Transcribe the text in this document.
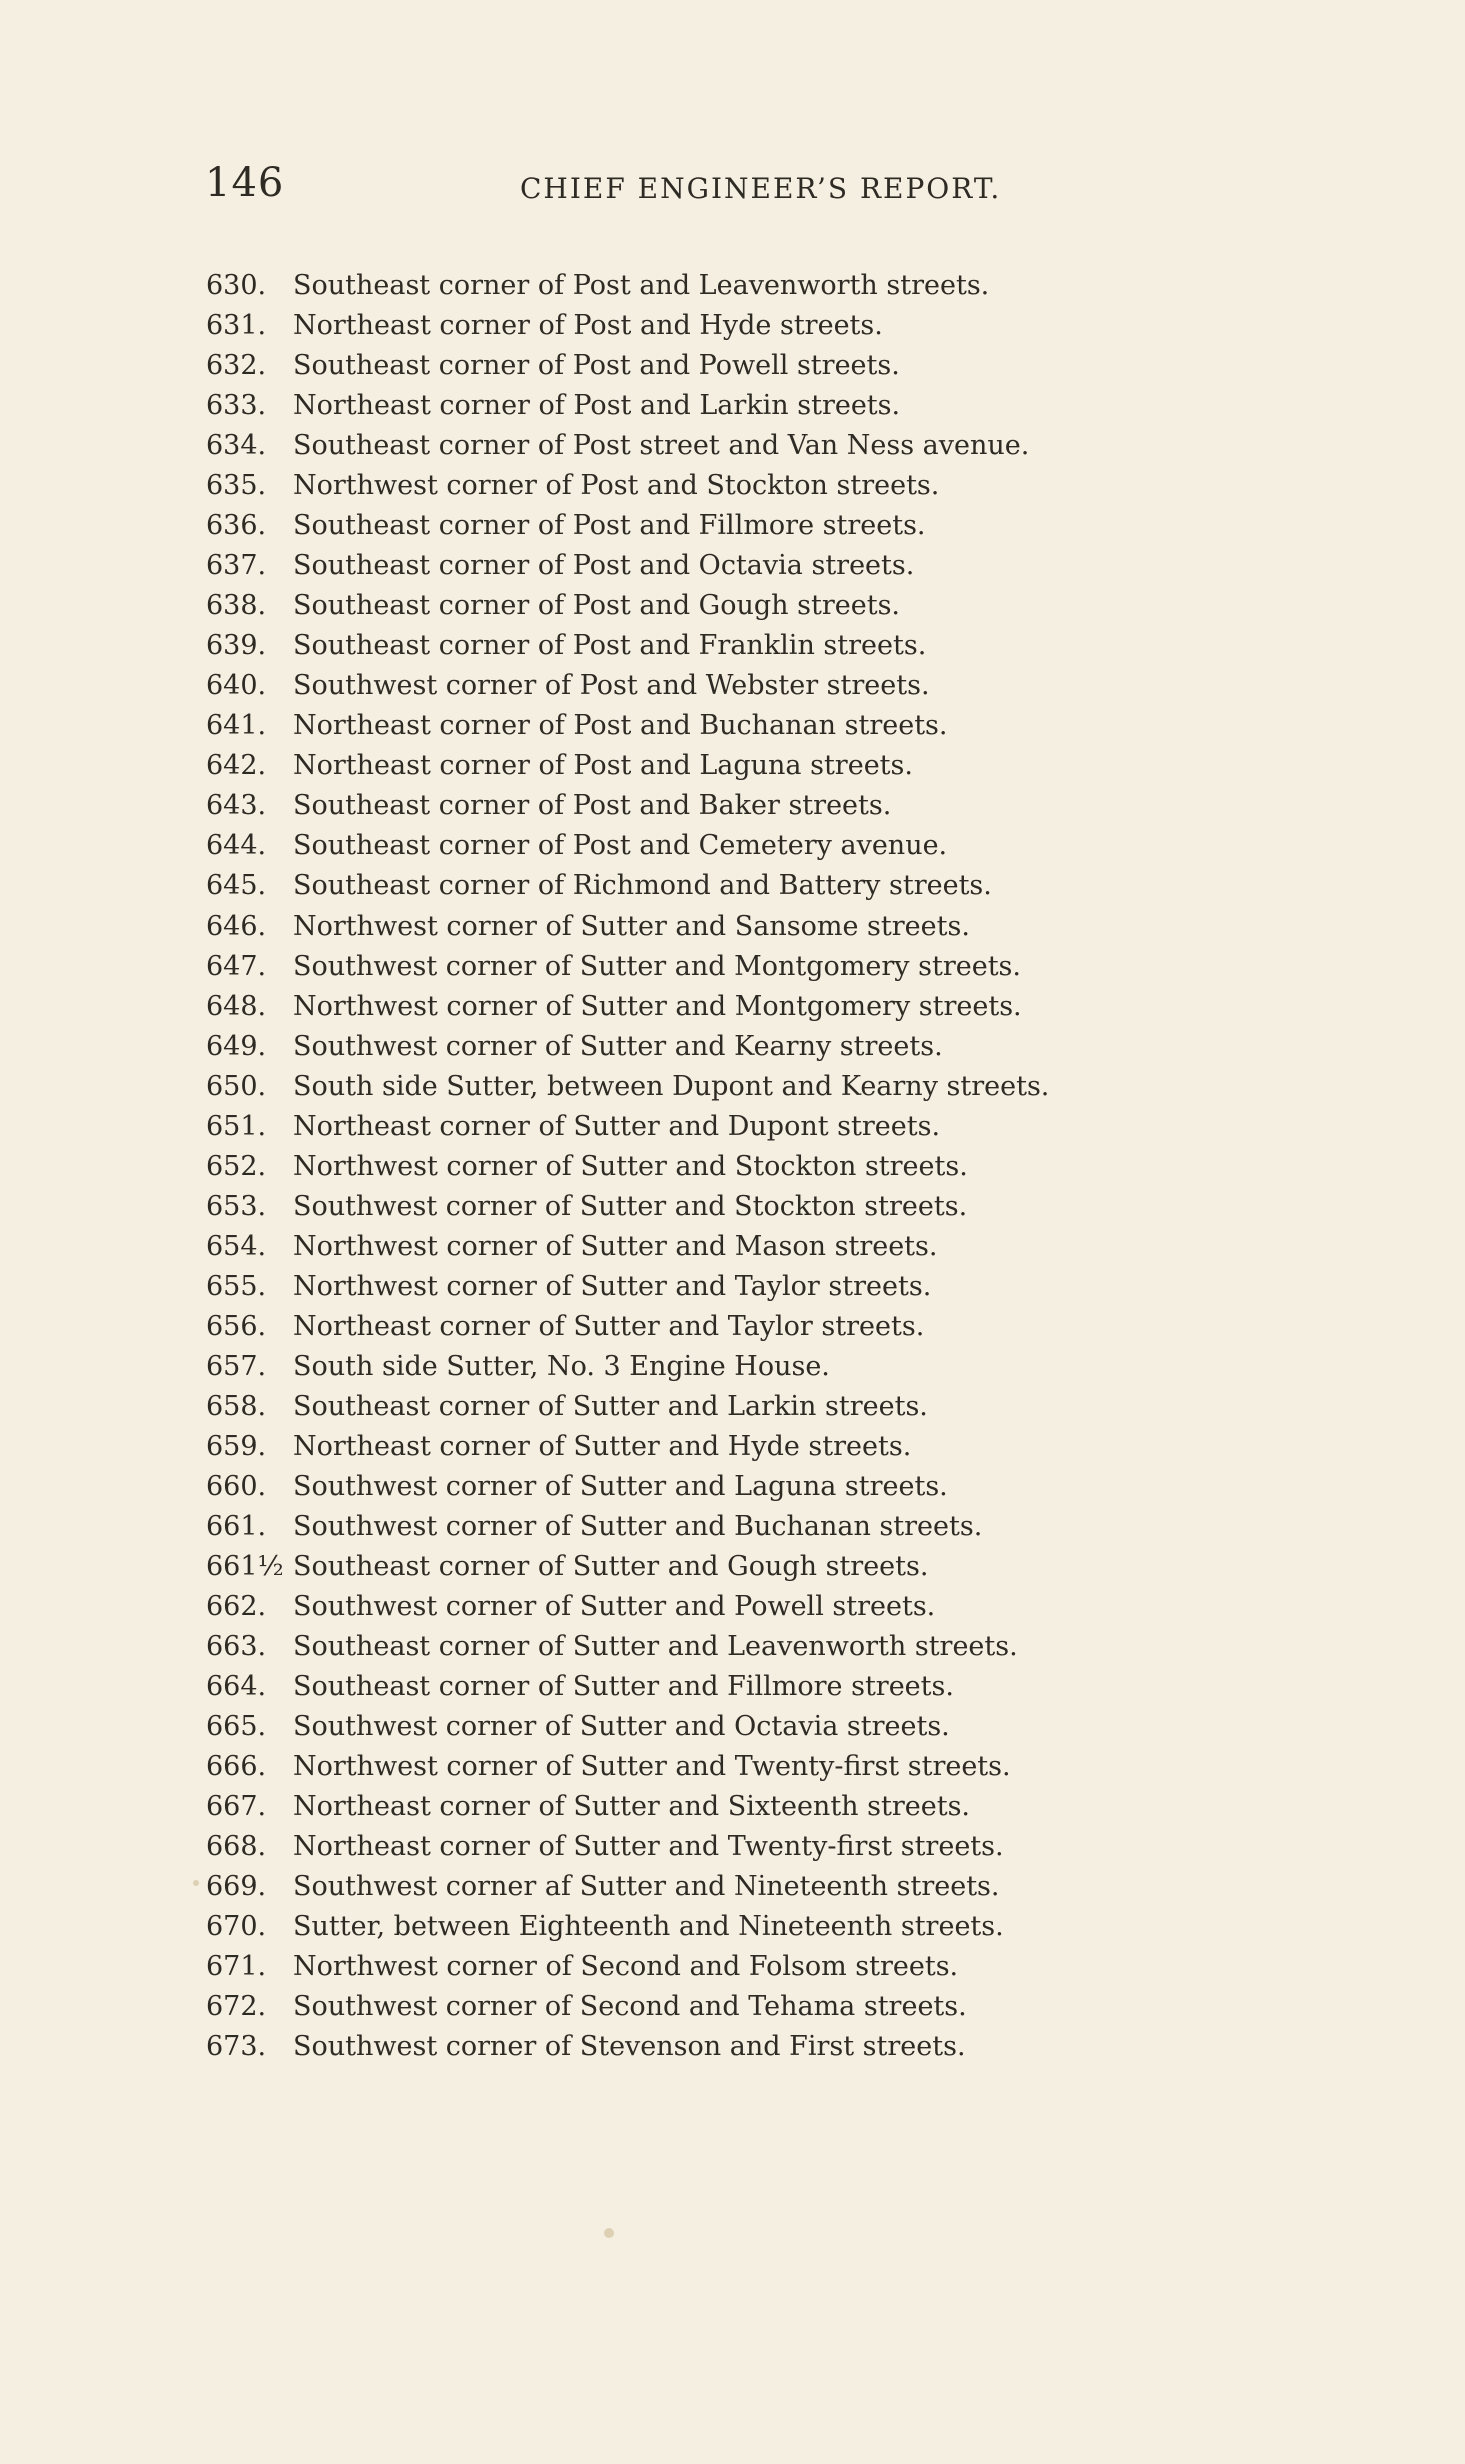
146	CHIEF ENGINEER’S REPORT.
630. Southeast corner of Post and Leavenworth streets.
631. Northeast corner of Post and Hyde streets.
632. Southeast corner of Post and Powell streets.
633. Northeast corner of Post and Larkin streets.
634. Southeast corner of Post street and Van Ness avenue.
635. Northwest corner of Post and Stockton streets.
636. Southeast corner of Post and Fillmore streets.
637. Southeast corner of Post and Octavia streets.
638. Southeast corner of Post and Gough streets.
639. Southeast corner of Post and Franklin streets.
640. Southwest corner of Post and Webster streets.
641. Northeast corner of Post and Buchanan streets.
642. Northeast corner of Post and Laguna streets.
643. Southeast corner of Post and Baker streets.
644. Southeast corner of Post and Cemetery avenue.
645. Southeast corner of Richmond and Battery streets.
646. Northwest corner of Sutter and Sansome streets.
647. Southwest corner of Sutter and Montgomery streets.
648. Northwest corner of Sutter and Montgomery streets.
649. Southwest corner of Sutter and Kearny streets.
650. South side Sutter, between Dupont and Kearny streets.
651. Northeast corner of Sutter and Dupont streets.
652. Northwest corner of Sutter and Stockton streets.
653. Southwest corner of Sutter and Stockton streets.
654. Northwest corner of Sutter and Mason streets.
655. Northwest corner of Sutter and Taylor streets.
656. Northeast corner of Sutter and Taylor streets.
657. South side Sutter, No. 3 Engine House.
658. Southeast corner of Sutter and Larkin streets.
659. Northeast corner of Sutter and Hyde streets.
660. Southwest corner of Sutter and Laguna streets.
661. Southwest corner of Sutter and Buchanan streets.
661½ Southeast corner of Sutter and Gough streets.
662. Southwest corner of Sutter and Powell streets.
663. Southeast corner of Sutter and Leavenworth streets.
664. Southeast corner of Sutter and Fillmore streets.
665. Southwest corner of Sutter and Octavia streets.
666. Northwest corner of Sutter and Twenty-first streets.
667. Northeast corner of Sutter and Sixteenth streets.
668. Northeast corner of Sutter and Twenty-first streets.
669. Southwest corner af Sutter and Nineteenth streets.
670. Sutter, between Eighteenth and Nineteenth streets.
671. Northwest corner of Second and Folsom streets.
672. Southwest corner of Second and Tehama streets.
673. Southwest corner of Stevenson and First streets.
